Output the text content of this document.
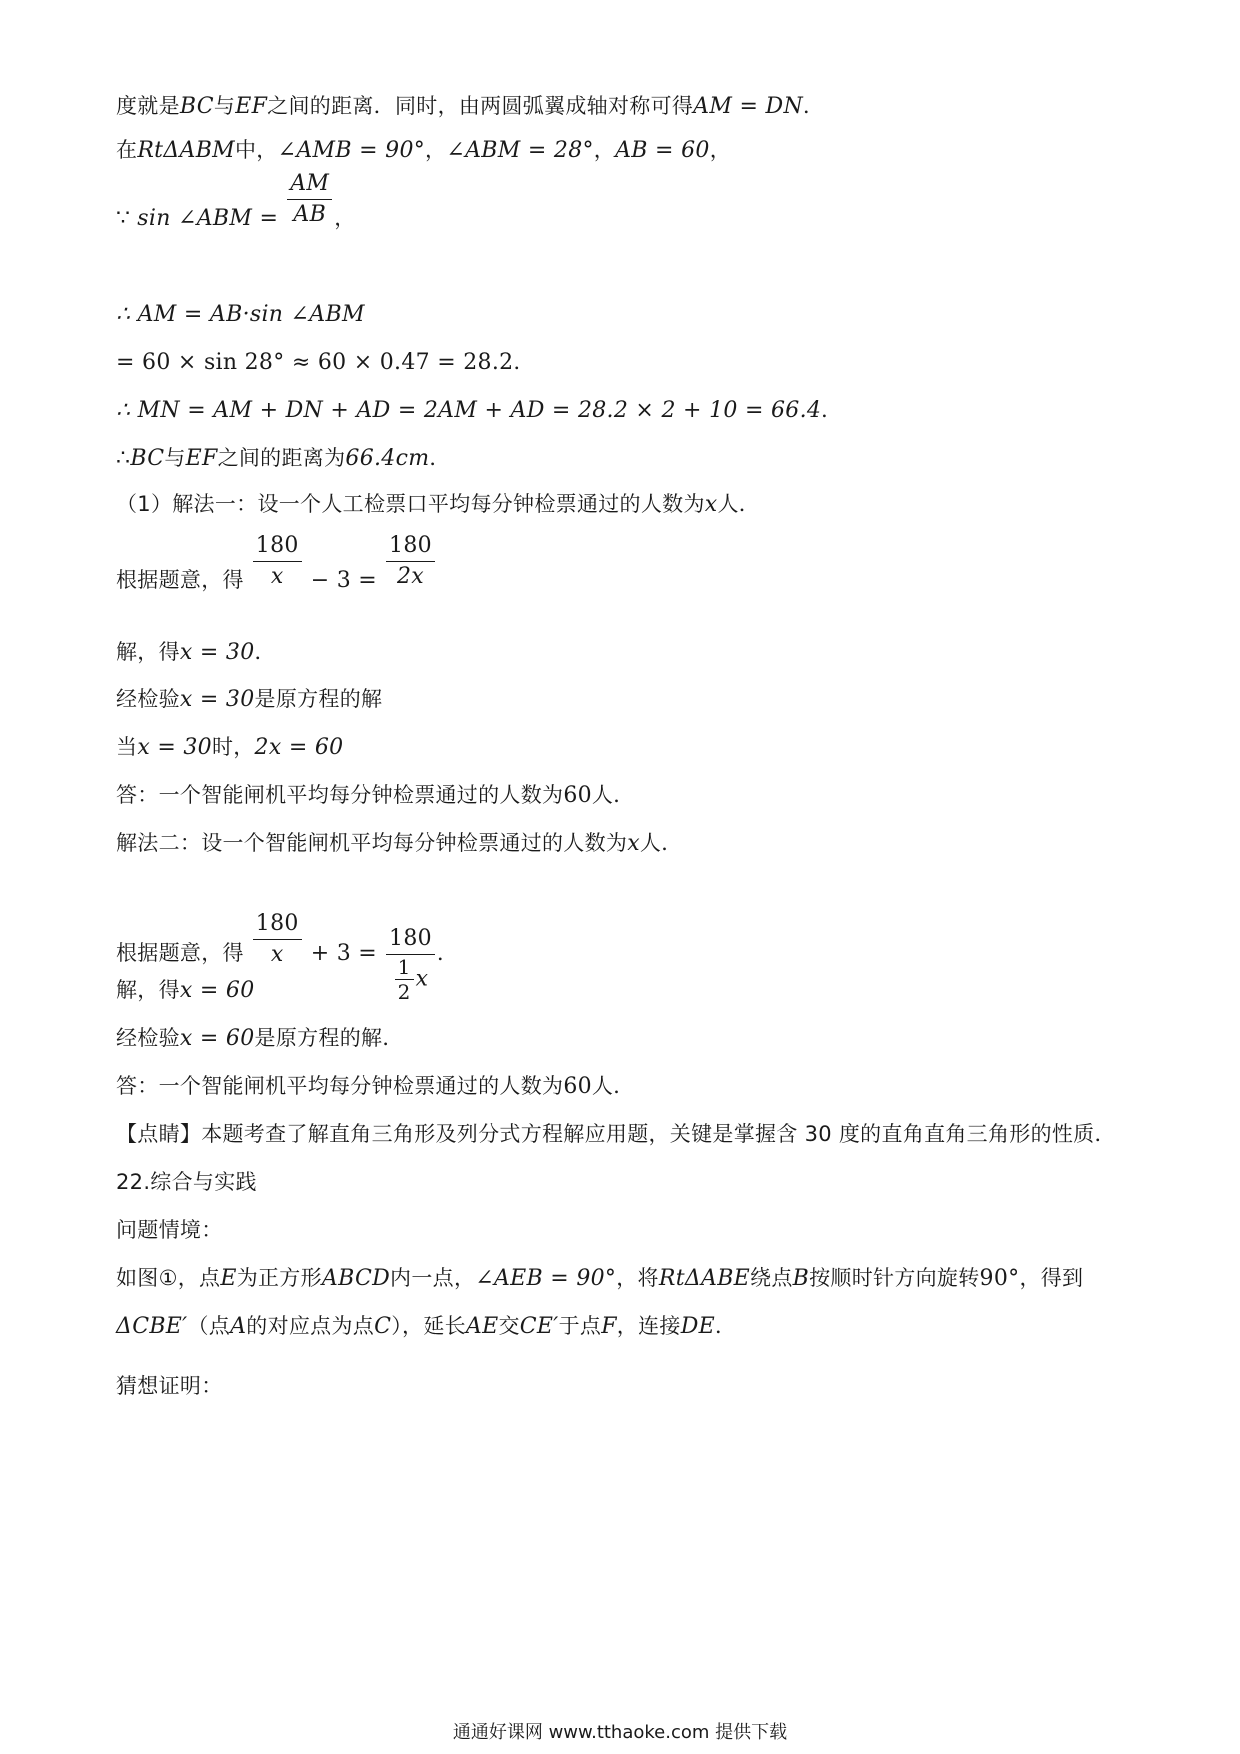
度就是BC与EF之间的距离．同时，由两圆弧翼成轴对称可得AM = DN．
在RtΔABM中，∠AMB = 90°，∠ABM = 28°，AB = 60，
∵ sin ∠ABM = $\frac{AM}{AB}$ ，
∴ AM = AB·sin ∠ABM
= 60 × sin 28° ≈ 60 × 0.47 = 28.2．
∴ MN = AM + DN + AD = 2AM + AD = 28.2 × 2 + 10 = 66.4．
∴BC与EF之间的距离为66.4cm．
（1）解法一：设一个人工检票口平均每分钟检票通过的人数为x人．
根据题意，得 $\frac{180}{x} - 3 = \frac{180}{2x}$
解，得x = 30．
经检验x = 30是原方程的解
当x = 30时，2x = 60
答：一个智能闸机平均每分钟检票通过的人数为60人．
解法二：设一个智能闸机平均每分钟检票通过的人数为x人．
根据题意，得 $\frac{180}{x} + 3 = \frac{180}{\frac{1}{2} x}$ ．
解，得x = 60
经检验x = 60是原方程的解．
答：一个智能闸机平均每分钟检票通过的人数为60人．
【点睛】本题考查了解直角三角形及列分式方程解应用题，关键是掌握含 30 度的直角直角三角形的性质．
22.综合与实践
问题情境：
如图①，点E为正方形ABCD内一点，∠AEB = 90°，将RtΔABE绕点B按顺时针方向旋转90°，得到
ΔCBE′（点A的对应点为点C），延长AE交CE′于点F，连接DE．
猜想证明：
通通好课网 www.tthaoke.com 提供下载
